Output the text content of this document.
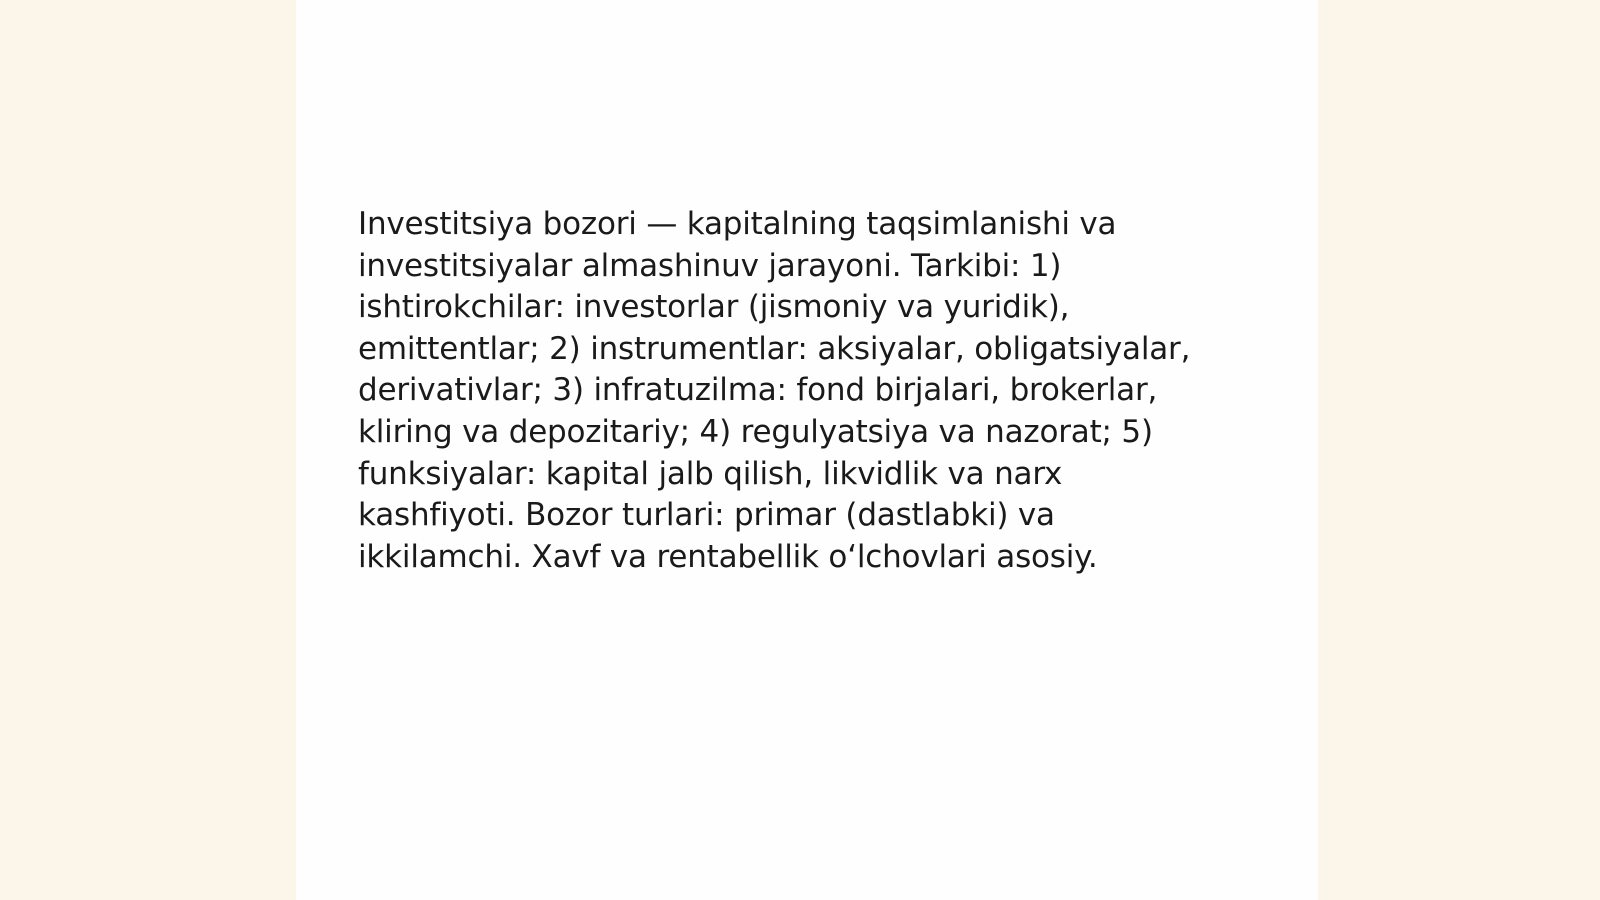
Investitsiya bozori — kapitalning taqsimlanishi va
investitsiyalar almashinuv jarayoni. Tarkibi: 1)
ishtirokchilar: investorlar (jismoniy va yuridik),
emittentlar; 2) instrumentlar: aksiyalar, obligatsiyalar,
derivativlar; 3) infratuzilma: fond birjalari, brokerlar,
kliring va depozitariy; 4) regulyatsiya va nazorat; 5)
funksiyalar: kapital jalb qilish, likvidlik va narx
kashfiyoti. Bozor turlari: primar (dastlabki) va
ikkilamchi. Xavf va rentabellik oʻlchovlari asosiy.
